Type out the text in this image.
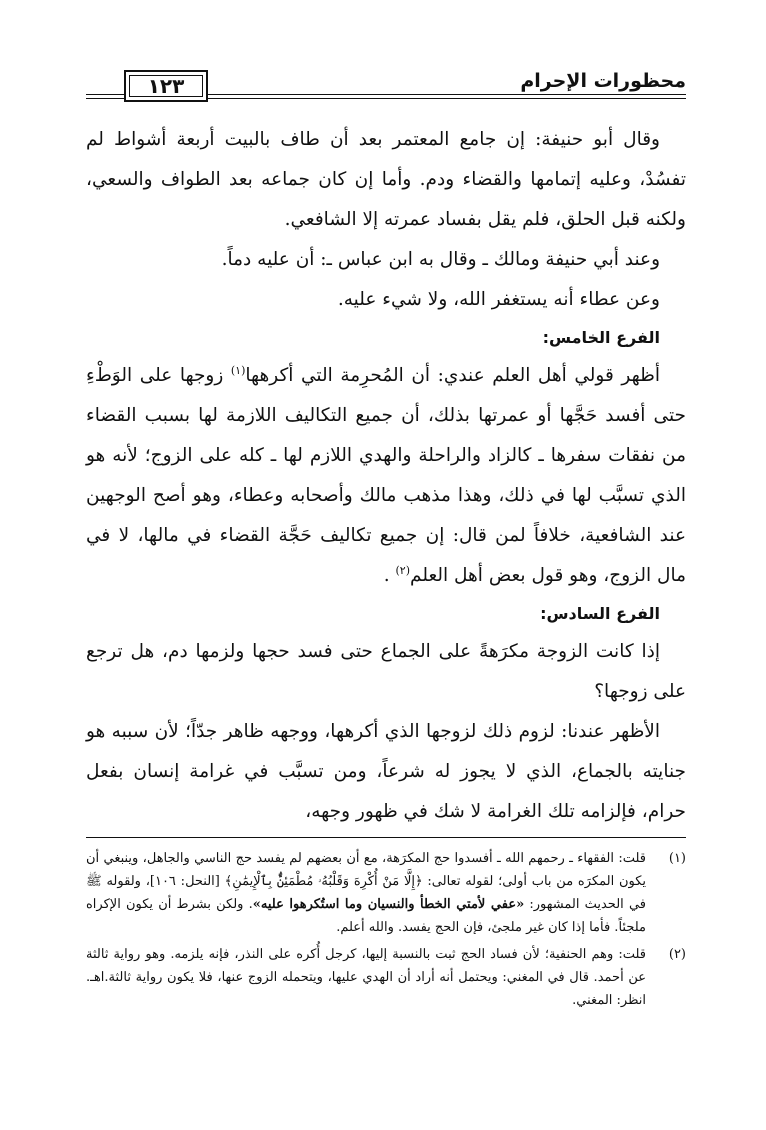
محظورات الإحرام
١٢٣

وقال أبو حنيفة: إن جامع المعتمر بعد أن طاف بالبيت أربعة أشواط لم تفسُدْ، وعليه إتمامها والقضاء ودم. وأما إن كان جماعه بعد الطواف والسعي، ولكنه قبل الحلق، فلم يقل بفساد عمرته إلا الشافعي.

وعند أبي حنيفة ومالك ـ وقال به ابن عباس ـ: أن عليه دماً.

وعن عطاء أنه يستغفر الله، ولا شيء عليه.

الفرع الخامس:

أظهر قولي أهل العلم عندي: أن المُحرِمة التي أكرهها$^{(١)}$ زوجها على الوَطْءِ حتى أفسد حَجَّها أو عمرتها بذلك، أن جميع التكاليف اللازمة لها بسبب القضاء من نفقات سفرها ـ كالزاد والراحلة والهدي اللازم لها ـ كله على الزوج؛ لأنه هو الذي تسبَّب لها في ذلك، وهذا مذهب مالك وأصحابه وعطاء، وهو أصح الوجهين عند الشافعية، خلافاً لمن قال: إن جميع تكاليف حَجَّة القضاء في مالها، لا في مال الزوج، وهو قول بعض أهل العلم$^{(٢)}$ .

الفرع السادس:

إذا كانت الزوجة مكرَهةً على الجماع حتى فسد حجها ولزمها دم، هل ترجع على زوجها؟

الأظهر عندنا: لزوم ذلك لزوجها الذي أكرهها، ووجهه ظاهر جدّاً؛ لأن سببه هو جنايته بالجماع، الذي لا يجوز له شرعاً، ومن تسبَّب في غرامة إنسان بفعل حرام، فإلزامه تلك الغرامة لا شك في ظهور وجهه،

(١)
قلت: الفقهاء ـ رحمهم الله ـ أفسدوا حج المكرَهة، مع أن بعضهم لم يفسد حج الناسي والجاهل، وينبغي أن يكون المكرَه من باب أولى؛ لقوله تعالى: ﴿إِلَّا مَنْ أُكْرِهَ وَقَلْبُهُۥ مُطْمَئِنٌّۢ بِٱلْإِيمَٰنِ﴾ [النحل: ١٠٦]، ولقوله ﷺ في الحديث المشهور: «عفي لأمتي الخطأ والنسيان وما استُكرهوا عليه». ولكن بشرط أن يكون الإكراه ملجئاً. فأما إذا كان غير ملجئ، فإن الحج يفسد. والله أعلم.
(٢)
قلت: وهم الحنفية؛ لأن فساد الحج ثبت بالنسبة إليها، كرجل أُكره على النذر، فإنه يلزمه. وهو رواية ثالثة عن أحمد. قال في المغني: ويحتمل أنه أراد أن الهدي عليها، ويتحمله الزوج عنها، فلا يكون رواية ثالثة.اهـ. انظر: المغني.
